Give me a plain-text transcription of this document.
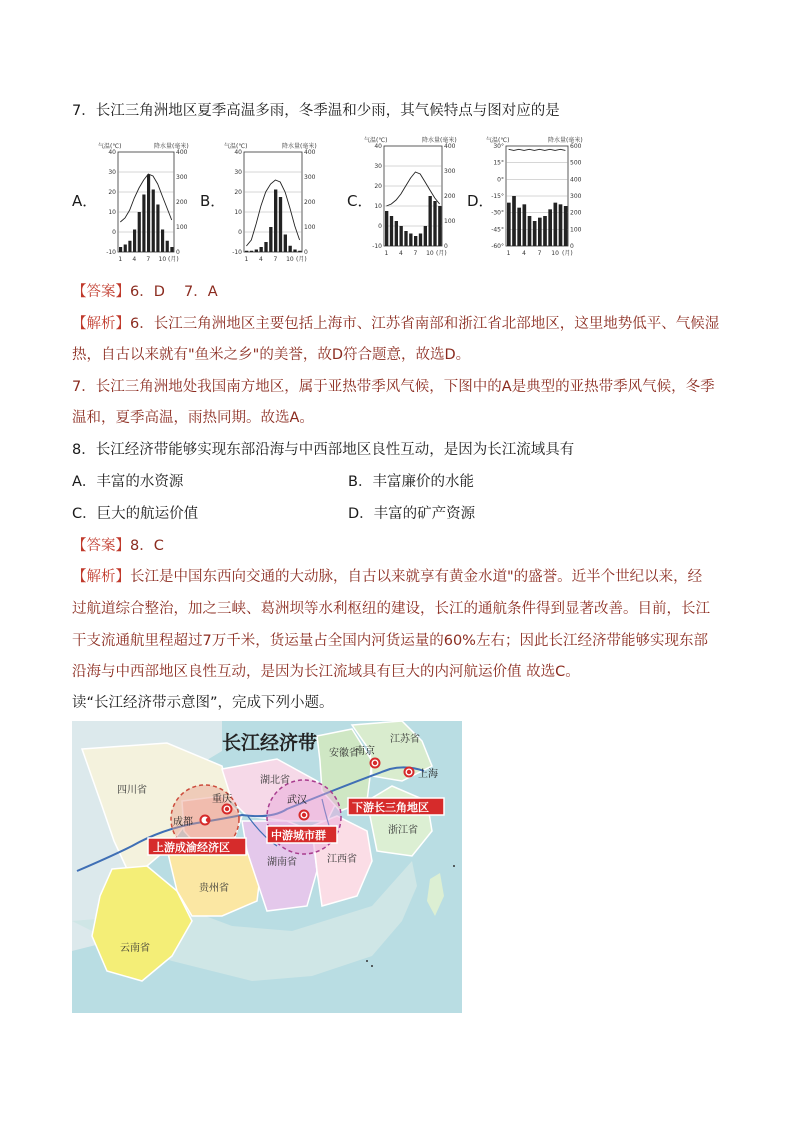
7．长江三角洲地区夏季高温多雨，冬季温和少雨，其气候特点与图对应的是
A．	B．	C．	D．
气温(℃)	降水量(毫米)
40
30
20
10
0
-10
400
300
200
100
0
1 4 7 10 (月)
气温(℃)	降水量(毫米)
40
30
20
10
0
-10
400
300
200
100
0
1 4 7 10 (月)
气温(℃)	降水量(毫米)
40
30
20
10
0
-10
400
300
200
100
0
1 4 7 10 (月)
气温(℃)	降水量(毫米)
30°
15°
0°
-15°
-30°
-45°
-60°
600
500
400
300
200
100
0
1 4 7 10 (月)
【答案】6．D　 7．A
【解析】6．长江三角洲地区主要包括上海市、江苏省南部和浙江省北部地区，这里地势低平、气候湿
热，自古以来就有"鱼米之乡"的美誉，故D符合题意，故选D。
7．长江三角洲地处我国南方地区，属于亚热带季风气候，下图中的A是典型的亚热带季风气候，冬季
温和，夏季高温，雨热同期。故选A。
8．长江经济带能够实现东部沿海与中西部地区良性互动，是因为长江流域具有
A．丰富的水资源	B．丰富廉价的水能
C．巨大的航运价值	D．丰富的矿产资源
【答案】8．C
【解析】长江是中国东西向交通的大动脉，自古以来就享有黄金水道"的盛誉。近半个世纪以来，经
过航道综合整治，加之三峡、葛洲坝等水利枢纽的建设，长江的通航条件得到显著改善。目前，长江
干支流通航里程超过7万千米，货运量占全国内河货运量的60%左右；因此长江经济带能够实现东部
沿海与中西部地区良性互动，是因为长江流域具有巨大的内河航运价值 故选C。
读“长江经济带示意图”，完成下列小题。
长江经济带
四川省
云南省
贵州省
湖南省
湖北省
江西省
安徽省
江苏省
浙江省
成都
重庆	武汉
南京
上海
上游成渝经济区
中游城市群
下游长三角地区
